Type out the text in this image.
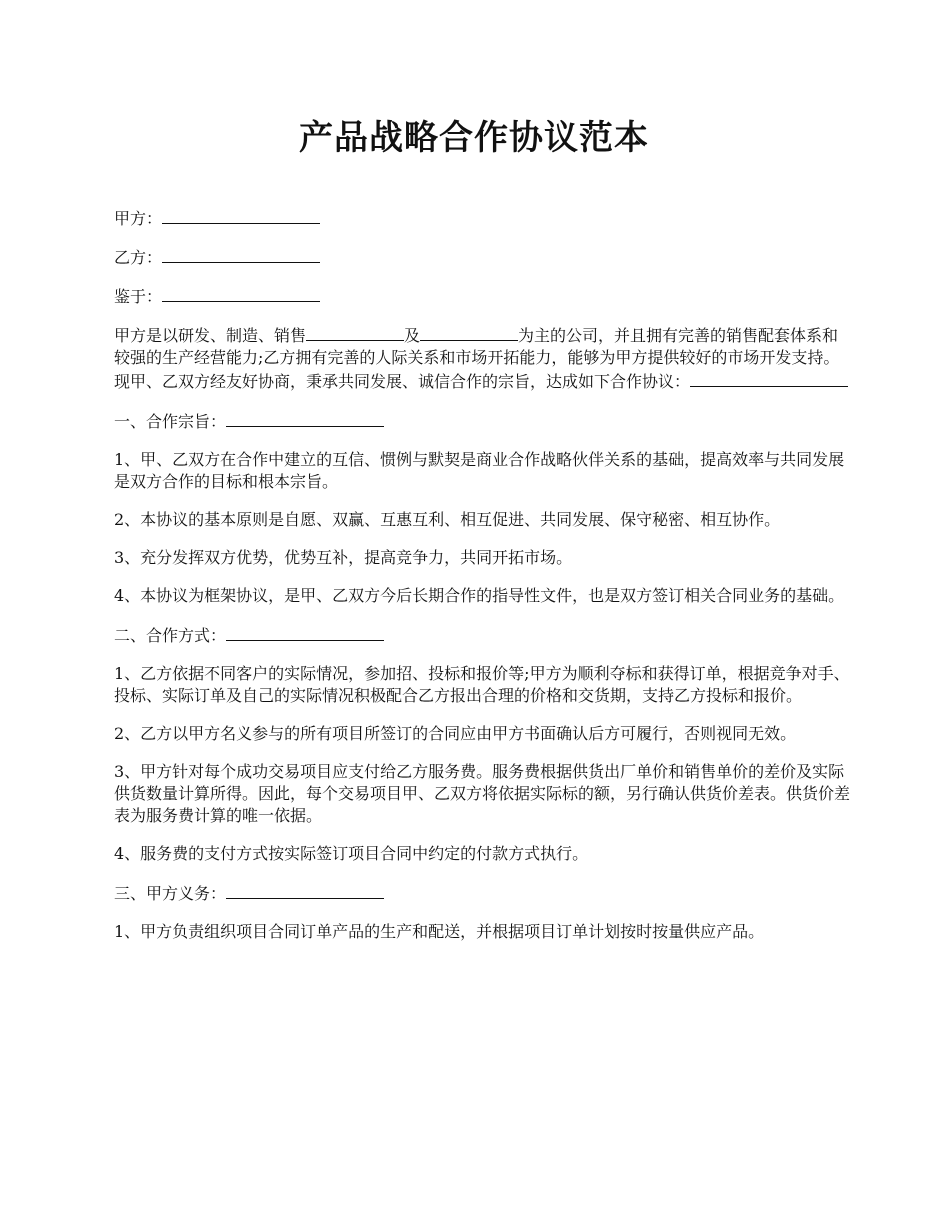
产品战略合作协议范本

甲方：

乙方：

鉴于：

甲方是以研发、制造、销售	及	为主的公司，并且拥有完善的销售配套体系和较强的生产经营能力;乙方拥有完善的人际关系和市场开拓能力，能够为甲方提供较好的市场开发支持。现甲、乙双方经友好协商，秉承共同发展、诚信合作的宗旨，达成如下合作协议：

一、合作宗旨：

1、甲、乙双方在合作中建立的互信、惯例与默契是商业合作战略伙伴关系的基础，提高效率与共同发展是双方合作的目标和根本宗旨。

2、本协议的基本原则是自愿、双赢、互惠互利、相互促进、共同发展、保守秘密、相互协作。

3、充分发挥双方优势，优势互补，提高竞争力，共同开拓市场。

4、本协议为框架协议，是甲、乙双方今后长期合作的指导性文件，也是双方签订相关合同业务的基础。

二、合作方式：

1、乙方依据不同客户的实际情况，参加招、投标和报价等;甲方为顺利夺标和获得订单，根据竞争对手、投标、实际订单及自己的实际情况积极配合乙方报出合理的价格和交货期，支持乙方投标和报价。

2、乙方以甲方名义参与的所有项目所签订的合同应由甲方书面确认后方可履行，否则视同无效。

3、甲方针对每个成功交易项目应支付给乙方服务费。服务费根据供货出厂单价和销售单价的差价及实际供货数量计算所得。因此，每个交易项目甲、乙双方将依据实际标的额，另行确认供货价差表。供货价差表为服务费计算的唯一依据。

4、服务费的支付方式按实际签订项目合同中约定的付款方式执行。

三、甲方义务：

1、甲方负责组织项目合同订单产品的生产和配送，并根据项目订单计划按时按量供应产品。
